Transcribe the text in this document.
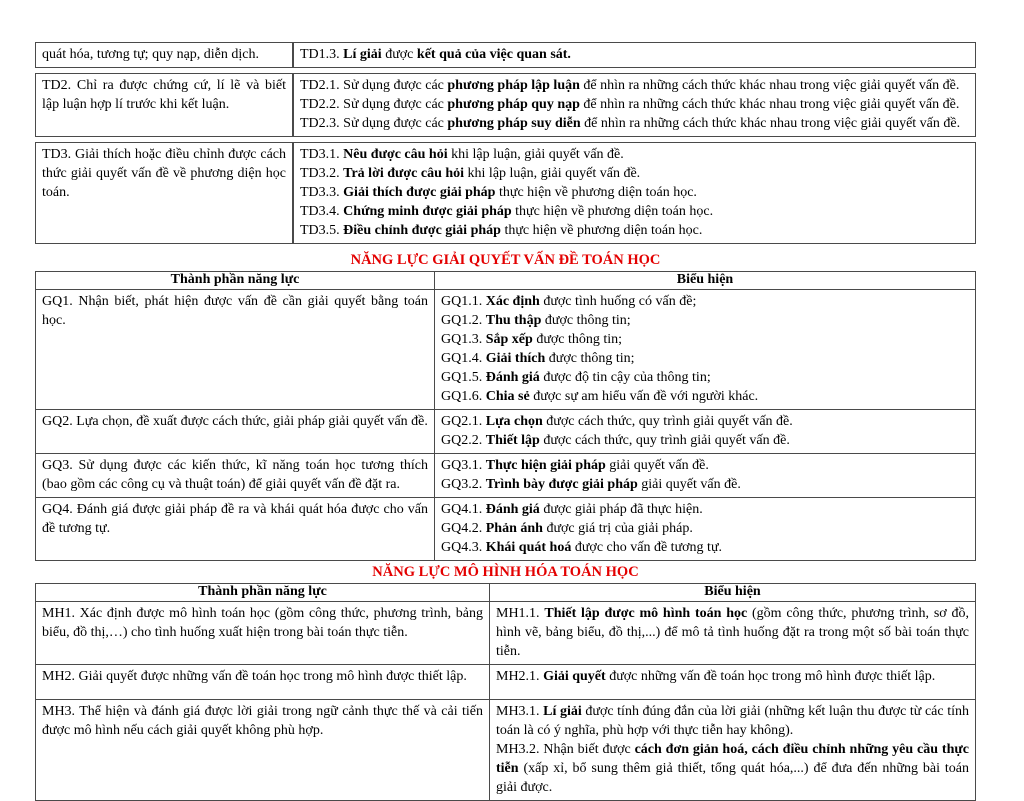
quát hóa, tương tự; quy nạp, diễn dịch.	TD1.3. Lí giải được kết quả của việc quan sát.

TD2. Chỉ ra được chứng cứ, lí lẽ và biết lập luận hợp lí trước khi kết luận.	TD2.1. Sử dụng được các phương pháp lập luận để nhìn ra những cách thức khác nhau trong việc giải quyết vấn đề.

TD2.2. Sử dụng được các phương pháp quy nạp để nhìn ra những cách thức khác nhau trong việc giải quyết vấn đề.

TD2.3. Sử dụng được các phương pháp suy diễn để nhìn ra những cách thức khác nhau trong việc giải quyết vấn đề.

TD3. Giải thích hoặc điều chỉnh được cách thức giải quyết vấn đề về phương diện học toán.	TD3.1. Nêu được câu hỏi khi lập luận, giải quyết vấn đề.

TD3.2. Trả lời được câu hỏi khi lập luận, giải quyết vấn đề.

TD3.3. Giải thích được giải pháp thực hiện về phương diện toán học.

TD3.4. Chứng minh được giải pháp thực hiện về phương diện toán học.

TD3.5. Điều chỉnh được giải pháp thực hiện về phương diện toán học.

NĂNG LỰC GIẢI QUYẾT VẤN ĐỀ TOÁN HỌC
Thành phần năng lực	Biểu hiện

GQ1. Nhận biết, phát hiện được vấn đề cần giải quyết bằng toán học.

GQ1.1. Xác định được tình huống có vấn đề;

GQ1.2. Thu thập được thông tin;

GQ1.3. Sắp xếp được thông tin;

GQ1.4. Giải thích được thông tin;

GQ1.5. Đánh giá được độ tin cậy của thông tin;

GQ1.6. Chia sẻ được sự am hiểu vấn đề với người khác.

GQ2. Lựa chọn, đề xuất được cách thức, giải pháp giải quyết vấn đề.	GQ2.1. Lựa chọn được cách thức, quy trình giải quyết vấn đề.

GQ2.2. Thiết lập được cách thức, quy trình giải quyết vấn đề.

GQ3. Sử dụng được các kiến thức, kĩ năng toán học tương thích (bao gồm các công cụ và thuật toán) để giải quyết vấn đề đặt ra.	GQ3.1. Thực hiện giải pháp giải quyết vấn đề.

GQ3.2. Trình bày được giải pháp giải quyết vấn đề.

GQ4. Đánh giá được giải pháp đề ra và khái quát hóa được cho vấn đề tương tự.	GQ4.1. Đánh giá được giải pháp đã thực hiện.

GQ4.2. Phản ánh được giá trị của giải pháp.

GQ4.3. Khái quát hoá được cho vấn đề tương tự.

NĂNG LỰC MÔ HÌNH HÓA TOÁN HỌC
Thành phần năng lực	Biểu hiện

MH1. Xác định được mô hình toán học (gồm công thức, phương trình, bảng biểu, đồ thị,…) cho tình huống xuất hiện trong bài toán thực tiễn.	MH1.1. Thiết lập được mô hình toán học (gồm công thức, phương trình, sơ đồ, hình vẽ, bảng biểu, đồ thị,...) để mô tả tình huống đặt ra trong một số bài toán thực tiễn.

MH2. Giải quyết được những vấn đề toán học trong mô hình được thiết lập.	MH2.1. Giải quyết được những vấn đề toán học trong mô hình được thiết lập.

MH3. Thể hiện và đánh giá được lời giải trong ngữ cảnh thực thế và cải tiến được mô hình nếu cách giải quyết không phù hợp.	MH3.1. Lí giải được tính đúng đắn của lời giải (những kết luận thu được từ các tính toán là có ý nghĩa, phù hợp với thực tiễn hay không).

MH3.2. Nhận biết được cách đơn giản hoá, cách điều chỉnh những yêu cầu thực tiễn (xấp xỉ, bổ sung thêm giả thiết, tổng quát hóa,...) để đưa đến những bài toán giải được.
